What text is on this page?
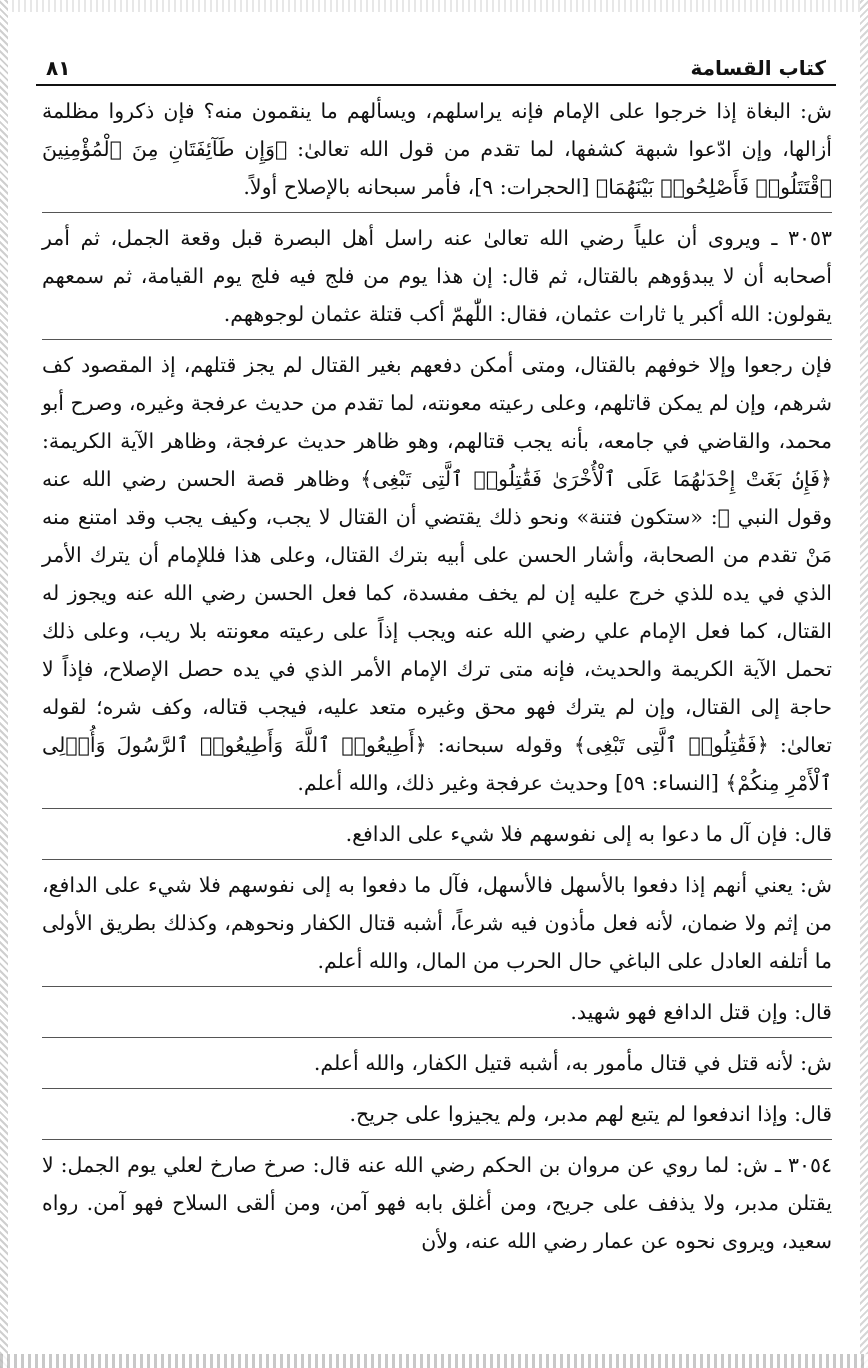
كتاب القسامة
٨١

ش: البغاة إذا خرجوا على الإمام فإنه يراسلهم، ويسألهم ما ينقمون منه؟ فإن ذكروا مظلمة أزالها، وإن ادّعوا شبهة كشفها، لما تقدم من قول الله تعالىٰ: ﴿وَإِن طَآئِفَتَانِ مِنَ ٱلْمُؤْمِنِينَ ٱقْتَتَلُوا۟ فَأَصْلِحُوا۟ بَيْنَهُمَا﴾ [الحجرات: ٩]، فأمر سبحانه بالإصلاح أولاً.

٣٠٥٣ ـ ويروى أن علياً رضي الله تعالىٰ عنه راسل أهل البصرة قبل وقعة الجمل، ثم أمر أصحابه أن لا يبدؤوهم بالقتال، ثم قال: إن هذا يوم من فلج فيه فلج يوم القيامة، ثم سمعهم يقولون: الله أكبر يا ثارات عثمان، فقال: اللّٰهمّ أكب قتلة عثمان لوجوههم.

فإن رجعوا وإلا خوفهم بالقتال، ومتى أمكن دفعهم بغير القتال لم يجز قتلهم، إذ المقصود كف شرهم، وإن لم يمكن قاتلهم، وعلى رعيته معونته، لما تقدم من حديث عرفجة وغيره، وصرح أبو محمد، والقاضي في جامعه، بأنه يجب قتالهم، وهو ظاهر حديث عرفجة، وظاهر الآية الكريمة: ﴿فَإِنۢ بَغَتْ إِحْدَىٰهُمَا عَلَى ٱلْأُخْرَىٰ فَقَٰتِلُوا۟ ٱلَّتِى تَبْغِى﴾ وظاهر قصة الحسن رضي الله عنه وقول النبي ﷺ: «ستكون فتنة» ونحو ذلك يقتضي أن القتال لا يجب، وكيف يجب وقد امتنع منه مَنْ تقدم من الصحابة، وأشار الحسن على أبيه بترك القتال، وعلى هذا فللإمام أن يترك الأمر الذي في يده للذي خرج عليه إن لم يخف مفسدة، كما فعل الحسن رضي الله عنه ويجوز له القتال، كما فعل الإمام علي رضي الله عنه ويجب إذاً على رعيته معونته بلا ريب، وعلى ذلك تحمل الآية الكريمة والحديث، فإنه متى ترك الإمام الأمر الذي في يده حصل الإصلاح، فإذاً لا حاجة إلى القتال، وإن لم يترك فهو محق وغيره متعد عليه، فيجب قتاله، وكف شره؛ لقوله تعالىٰ: ﴿فَقَٰتِلُوا۟ ٱلَّتِى تَبْغِى﴾ وقوله سبحانه: ﴿أَطِيعُوا۟ ٱللَّهَ وَأَطِيعُوا۟ ٱلرَّسُولَ وَأُو۟لِى ٱلْأَمْرِ مِنكُمْ﴾ [النساء: ٥٩] وحديث عرفجة وغير ذلك، والله أعلم.

قال: فإن آل ما دعوا به إلى نفوسهم فلا شيء على الدافع.

ش: يعني أنهم إذا دفعوا بالأسهل فالأسهل، فآل ما دفعوا به إلى نفوسهم فلا شيء على الدافع، من إثم ولا ضمان، لأنه فعل مأذون فيه شرعاً، أشبه قتال الكفار ونحوهم، وكذلك بطريق الأولى ما أتلفه العادل على الباغي حال الحرب من المال، والله أعلم.

قال: وإن قتل الدافع فهو شهيد.

ش: لأنه قتل في قتال مأمور به، أشبه قتيل الكفار، والله أعلم.

قال: وإذا اندفعوا لم يتبع لهم مدبر، ولم يجيزوا على جريح.

٣٠٥٤ ـ ش: لما روي عن مروان بن الحكم رضي الله عنه قال: صرخ صارخ لعلي يوم الجمل: لا يقتلن مدبر، ولا يذفف على جريح، ومن أغلق بابه فهو آمن، ومن ألقى السلاح فهو آمن. رواه سعيد، ويروى نحوه عن عمار رضي الله عنه، ولأن
